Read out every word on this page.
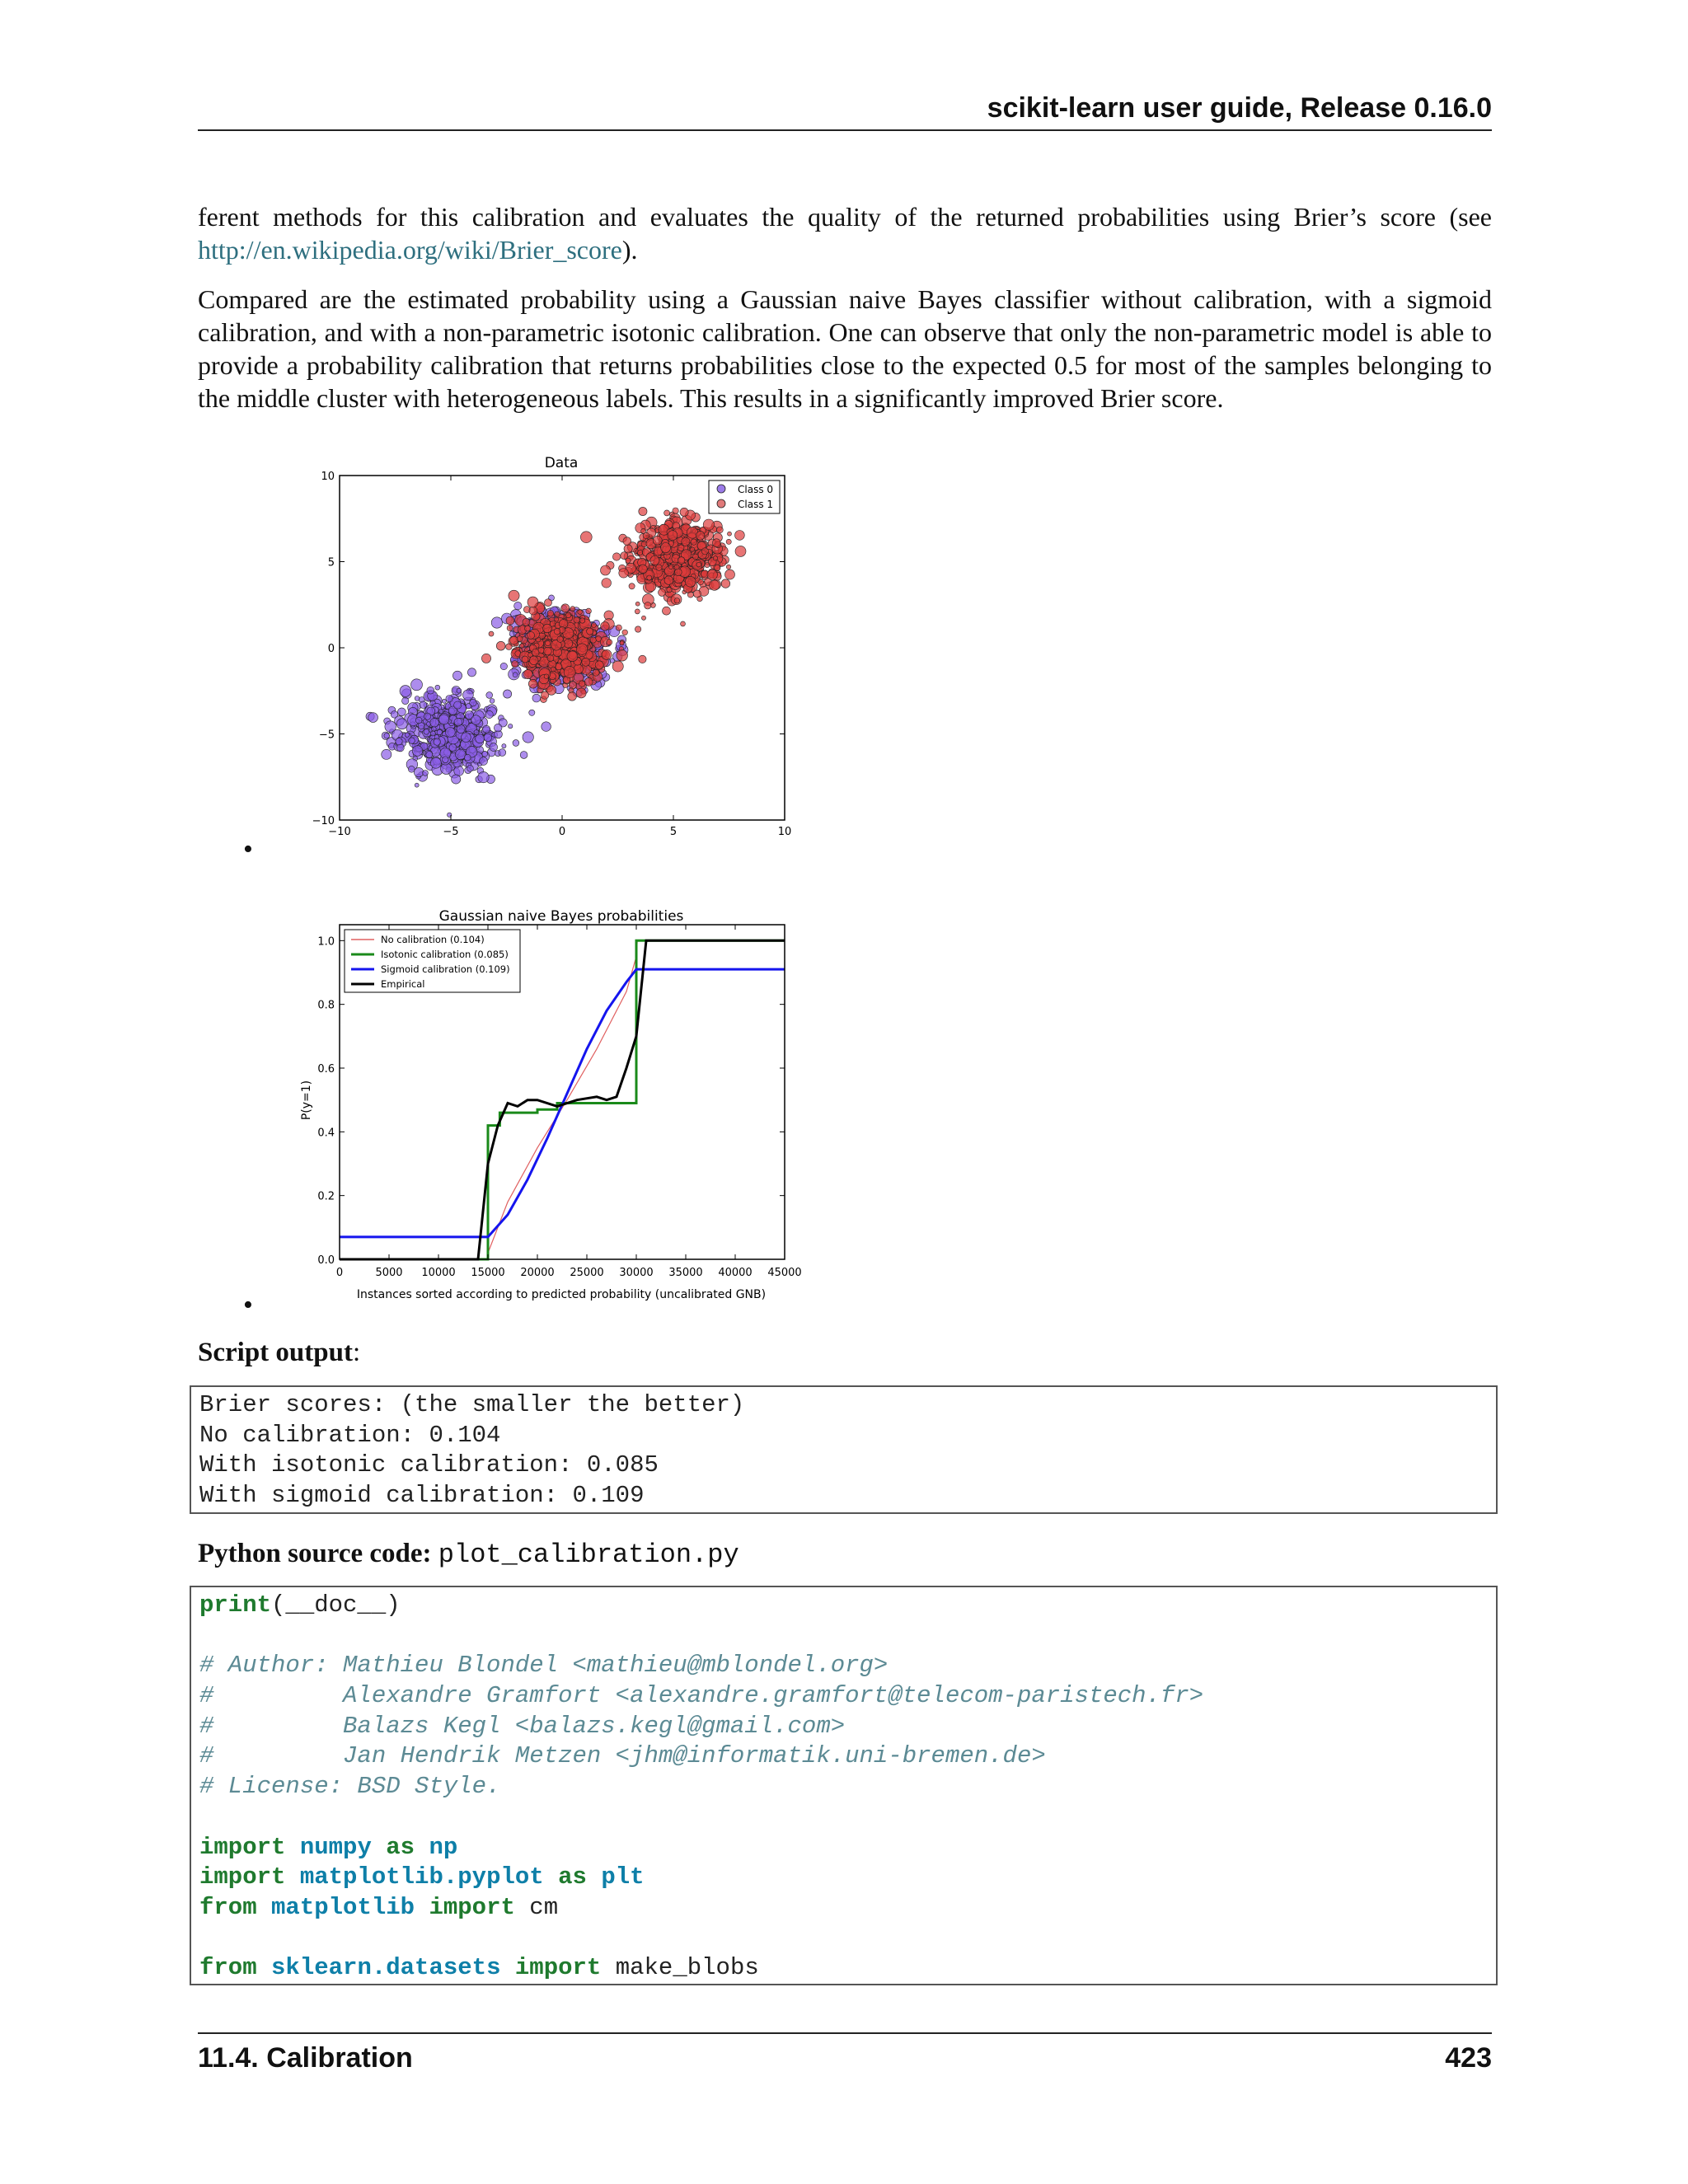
scikit-learn user guide, Release 0.16.0
ferent methods for this calibration and evaluates the quality of the returned probabilities using Brier’s score (see http://en.wikipedia.org/wiki/Brier_score).
Compared are the estimated probability using a Gaussian naive Bayes classifier without calibration, with a sigmoid calibration, and with a non-parametric isotonic calibration. One can observe that only the non-parametric model is able to provide a probability calibration that returns probabilities close to the expected 0.5 for most of the samples belonging to the middle cluster with heterogeneous labels. This results in a significantly improved Brier score.
Data
−10	−5	0	5	10
10
5
0
−5
−10
Class 0
Class 1
•
Gaussian naive Bayes probabilities
0	5000 10000 15000 20000 25000 30000 35000 40000 45000
0.0
0.2
0.4
0.6
0.8
1.0
P(y=1)
Instances sorted according to predicted probability (uncalibrated GNB)
No calibration (0.104)
Isotonic calibration (0.085)
Sigmoid calibration (0.109)
Empirical
•
Script output:
Brier scores: (the smaller the better)
No calibration: 0.104
With isotonic calibration: 0.085
With sigmoid calibration: 0.109
Python source code: plot_calibration.py
print(__doc__)

# Author: Mathieu Blondel <mathieu@mblondel.org>
#         Alexandre Gramfort <alexandre.gramfort@telecom-paristech.fr>
#         Balazs Kegl <balazs.kegl@gmail.com>
#         Jan Hendrik Metzen <jhm@informatik.uni-bremen.de>
# License: BSD Style.

import numpy as np
import matplotlib.pyplot as plt
from matplotlib import cm

from sklearn.datasets import make_blobs
11.4. Calibration	423
